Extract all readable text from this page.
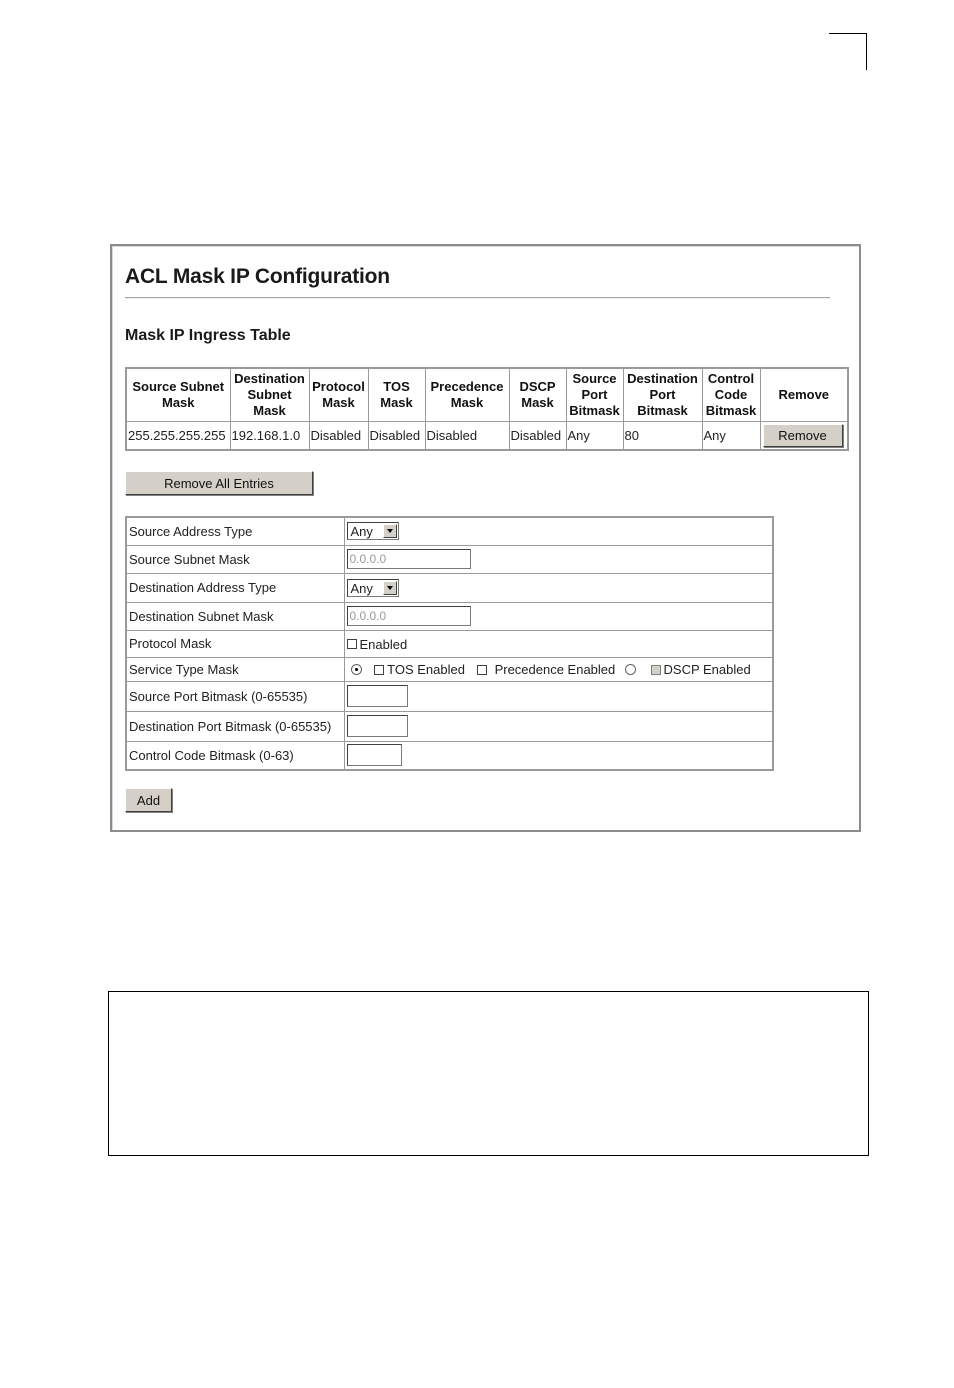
ACL Mask IP Configuration
Mask IP Ingress Table
Source Subnet Mask	Destination Subnet Mask	Protocol Mask	TOS Mask	Precedence Mask	DSCP Mask	Source Port Bitmask	Destination Port Bitmask	Control Code Bitmask	Remove
255.255.255.255	192.168.1.0	Disabled	Disabled	Disabled	Disabled	Any	80	Any	Remove
Remove All Entries
Source Address Type	Any

Source Subnet Mask	0.0.0.0
Destination Address Type	Any

Destination Subnet Mask	0.0.0.0
Protocol Mask	Enabled
Service Type Mask	TOS Enabled Precedence Enabled DSCP Enabled
Source Port Bitmask (0-65535)	
Destination Port Bitmask (0-65535)	
Control Code Bitmask (0-63)	
Add
